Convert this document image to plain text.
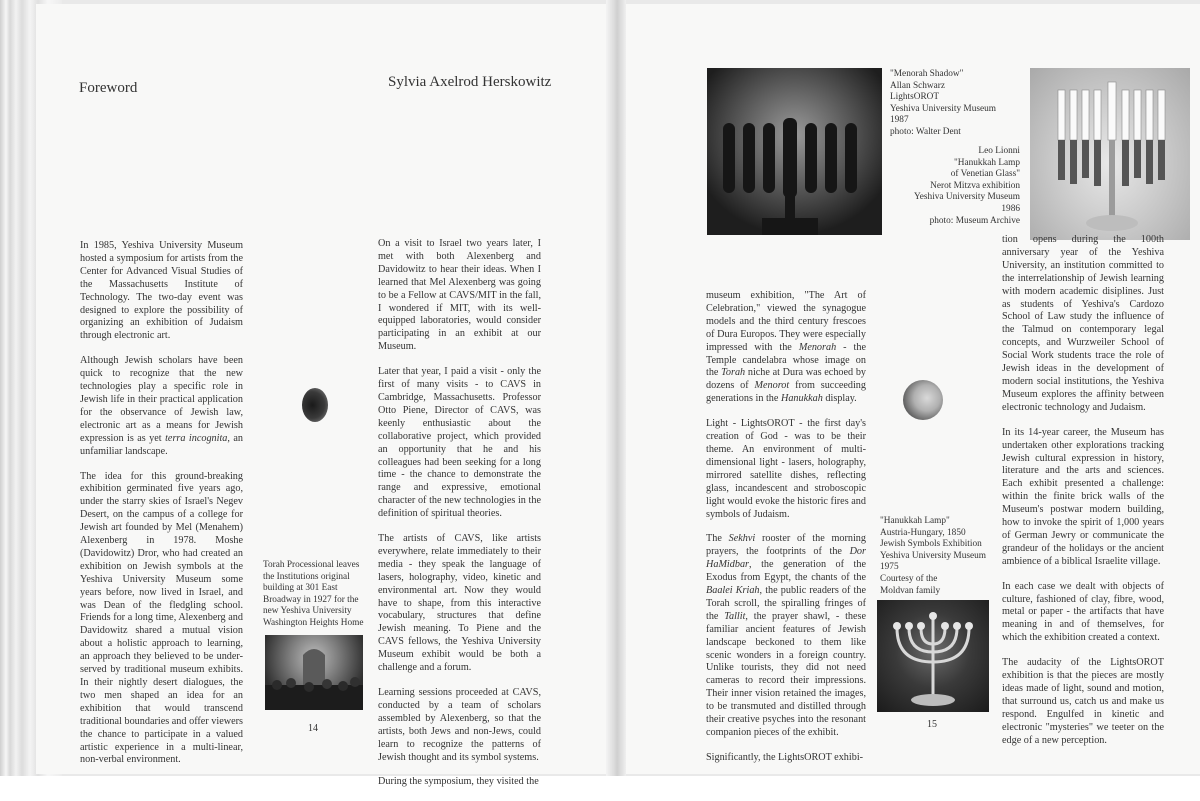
Foreword	Sylvia Axelrod Herskowitz

In 1985, Yeshiva University Museum hosted a symposium for artists from the Center for Advanced Visual Studies of the Massachusetts Institute of Technology. The two-day event was designed to explore the possibility of organizing an exhibition of Judaism through electronic art.

Although Jewish scholars have been quick to recognize that the new technologies play a specific role in Jewish life in their practical application for the observance of Jewish law, electronic art as a means for Jewish expression is as yet terra incognita, an unfamiliar landscape.

The idea for this ground-breaking exhibition germinated five years ago, under the starry skies of Israel's Negev Desert, on the campus of a college for Jewish art founded by Mel (Menahem) Alexenberg in 1978. Moshe (Davidowitz) Dror, who had created an exhibition on Jewish symbols at the Yeshiva University Museum some years before, now lived in Israel, and was Dean of the fledgling school. Friends for a long time, Alexenberg and Davidowitz shared a mutual vision about a holistic approach to learning, an approach they believed to be under-served by traditional museum exhibits. In their nightly desert dialogues, the two men shaped an idea for an exhibition that would transcend traditional boundaries and offer viewers the chance to participate in a valued artistic experience in a multi-linear, non-verbal environment.

Torah Processional leaves the Institutions original building at 301 East Broadway in 1927 for the new Yeshiva University Washington Heights Home
14

On a visit to Israel two years later, I met with both Alexenberg and Davidowitz to hear their ideas. When I learned that Mel Alexenberg was going to be a Fellow at CAVS/MIT in the fall, I wondered if MIT, with its well-equipped laboratories, would consider participating in an exhibit at our Museum.

Later that year, I paid a visit - only the first of many visits - to CAVS in Cambridge, Massachusetts. Professor Otto Piene, Director of CAVS, was keenly enthusiastic about the collaborative project, which provided an opportunity that he and his colleagues had been seeking for a long time - the chance to demonstrate the range and expressive, emotional character of the new technologies in the definition of spiritual theories.

The artists of CAVS, like artists everywhere, relate immediately to their media - they speak the language of lasers, holography, video, kinetic and environmental art. Now they would have to shape, from this interactive vocabulary, structures that define Jewish meaning. To Piene and the CAVS fellows, the Yeshiva University Museum exhibit would be both a challenge and a forum.

Learning sessions proceeded at CAVS, conducted by a team of scholars assembled by Alexenberg, so that the artists, both Jews and non-Jews, could learn to recognize the patterns of Jewish thought and its symbol systems.

During the symposium, they visited the

"Menorah Shadow"
Allan Schwarz
LightsOROT
Yeshiva University Museum
1987
photo: Walter Dent
Leo Lionni
"Hanukkah Lamp
of Venetian Glass"
Nerot Mitzva exhibition
Yeshiva University Museum
1986
photo: Museum Archive

museum exhibition, "The Art of Celebration," viewed the synagogue models and the third century frescoes of Dura Europos. They were especially impressed with the Menorah - the Temple candelabra whose image on the Torah niche at Dura was echoed by dozens of Menorot from succeeding generations in the Hanukkah display.

Light - LightsOROT - the first day's creation of God - was to be their theme. An environment of multi-dimensional light - lasers, holography, mirrored satellite dishes, reflecting glass, incandescent and stroboscopic light would evoke the historic fires and symbols of Judaism.

The Sekhvi rooster of the morning prayers, the footprints of the Dor HaMidbar, the generation of the Exodus from Egypt, the chants of the Baalei Kriah, the public readers of the Torah scroll, the spiralling fringes of the Tallit, the prayer shawl, - these familiar ancient features of Jewish landscape beckoned to them like scenic wonders in a foreign country. Unlike tourists, they did not need cameras to record their impressions. Their inner vision retained the images, to be transmuted and distilled through their creative psyches into the resonant companion pieces of the exhibit.

Significantly, the LightsOROT exhibi-

"Hanukkah Lamp"
Austria-Hungary, 1850
Jewish Symbols Exhibition
Yeshiva University Museum
1975
Courtesy of the
Moldvan family
15

tion opens during the 100th anniversary year of the Yeshiva University, an institution committed to the interrelationship of Jewish learning with modern academic disiplines. Just as students of Yeshiva's Cardozo School of Law study the influence of the Talmud on contemporary legal concepts, and Wurzweiler School of Social Work students trace the role of Jewish ideas in the development of modern social institutions, the Yeshiva Museum explores the affinity between electronic technology and Judaism.

In its 14-year career, the Museum has undertaken other explorations tracking Jewish cultural expression in history, literature and the arts and sciences. Each exhibit presented a challenge: within the finite brick walls of the Museum's postwar modern building, how to invoke the spirit of 1,000 years of German Jewry or communicate the grandeur of the holidays or the ancient ambience of a biblical Israelite village.

In each case we dealt with objects of culture, fashioned of clay, fibre, wood, metal or paper - the artifacts that have meaning in and of themselves, for which the exhibition created a context.

The audacity of the LightsOROT exhibition is that the pieces are mostly ideas made of light, sound and motion, that surround us, catch us and make us respond. Engulfed in kinetic and electronic "mysteries" we teeter on the edge of a new perception.
